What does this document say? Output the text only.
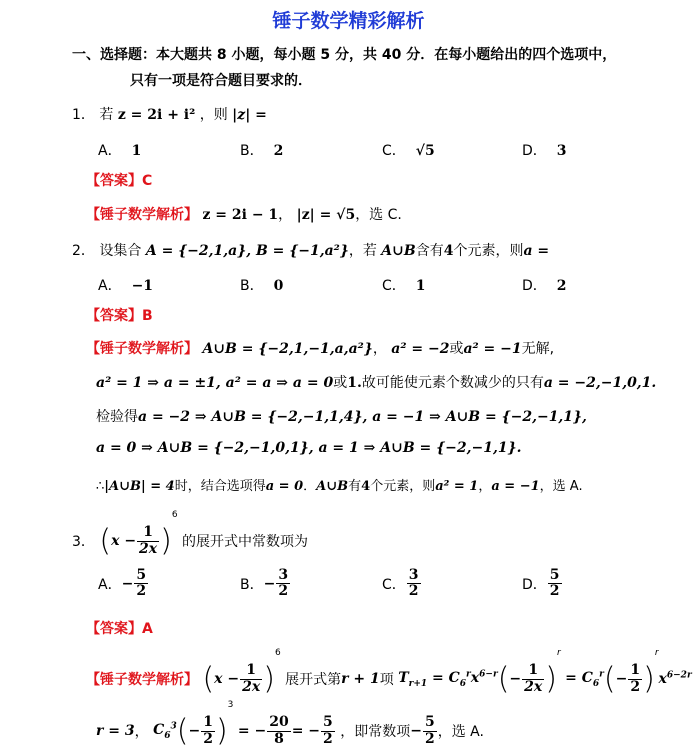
锤子数学精彩解析
一、选择题：本大题共 8 小题，每小题 5 分，共 40 分．在每小题给出的四个选项中，
只有一项是符合题目要求的．
1． 若 z = 2i + i² ，则 |z| =
A． 1	B． 2	C． √5	D． 3
【答案】C
【锤子数学解析】 z = 2i − 1， |z| = √5，选 C.
2． 设集合 A = {−2,1,a}, B = {−1,a²}，若 A∪B含有4个元素，则a =
A． −1	B． 0	C． 1	D． 2
【答案】B
【锤子数学解析】 A∪B = {−2,1,−1,a,a²}， a² = −2或a² = −1无解,
a² = 1 ⇒ a = ±1, a² = a ⇒ a = 0或1.故可能使元素个数减少的只有a = −2,−1,0,1.
检验得a = −2 ⇒ A∪B = {−2,−1,1,4}, a = −1 ⇒ A∪B = {−2,−1,1},
a = 0 ⇒ A∪B = {−2,−1,0,1}, a = 1 ⇒ A∪B = {−2,−1,1}.
∴|A∪B| = 4时，结合选项得a = 0．A∪B有4个元素，则a² = 1，a = −1，选 A.
3． $(x - \frac{1}{2x} )^6$ 的展开式中常数项为
A．− $\frac{5}{2}$	B．− $\frac{3}{2}$	C． $\frac{3}{2}$	D． $\frac{5}{2}$
【答案】A
【锤子数学解析】 $(x - \frac{1}{2x} )^6$ 展开式第r + 1项 $T_{r+1} = C_6^rx^{6-r}(- \frac{1}{2x} )^r = C_6^r(- \frac{1}{2} )^rx^{6-2r}$
r = 3， $C_6^3(- \frac{1}{2} )^3$ = − $\frac{20}{8}$ = − $\frac{5}{2}$ ，即常数项− $\frac{5}{2}$ ，选 A.
